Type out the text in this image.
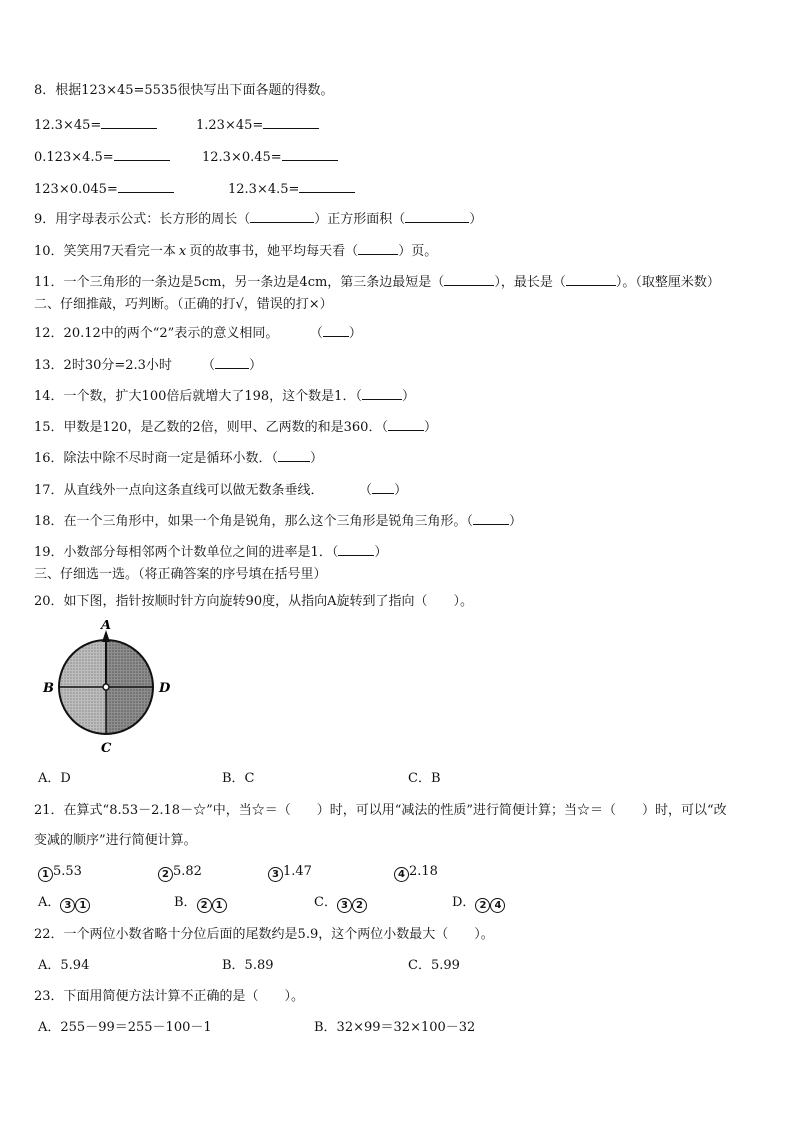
8．根据123×45=5535很快写出下面各题的得数。
12.3×45=	1.23×45=
0.123×4.5=	12.3×0.45=
123×0.045=	12.3×4.5=
9．用字母表示公式：长方形的周长（	）正方形面积（	）
10．笑笑用7天看完一本 x 页的故事书，她平均每天看（	）页。
11．一个三角形的一条边是5cm，另一条边是4cm，第三条边最短是（	），最长是（	）。（取整厘米数）
二、仔细推敲，巧判断。（正确的打√，错误的打×）
12．20.12中的两个“2”表示的意义相同。	（ ）
13．2时30分=2.3小时 （	）
14．一个数，扩大100倍后就增大了198，这个数是1．（	）
15．甲数是120，是乙数的2倍，则甲、乙两数的和是360．（	）
16．除法中除不尽时商一定是循环小数．（ ）
17．从直线外一点向这条直线可以做无数条垂线．	（ ）
18．在一个三角形中，如果一个角是锐角，那么这个三角形是锐角三角形。（	）
19．小数部分每相邻两个计数单位之间的进率是1．（	）
三、仔细选一选。（将正确答案的序号填在括号里）
20．如下图，指针按顺时针方向旋转90度，从指向A旋转到了指向（　　）。
A
B	D
C
A．D	B．C	C．B
21．在算式“8.53－2.18－☆”中，当☆＝（　　）时，可以用“减法的性质”进行简便计算；当☆＝（　　）时，可以“改
变减的顺序”进行简便计算。
1 5.53	2 5.82	3 1.47	4 2.18
A． 3 1	B． 2 1	C． 3 2	D． 2 4
22．一个两位小数省略十分位后面的尾数约是5.9，这个两位小数最大（　　）。
A．5.94	B．5.89	C．5.99
23．下面用简便方法计算不正确的是（　　）。
A．255－99＝255－100－1	B．32×99＝32×100－32
